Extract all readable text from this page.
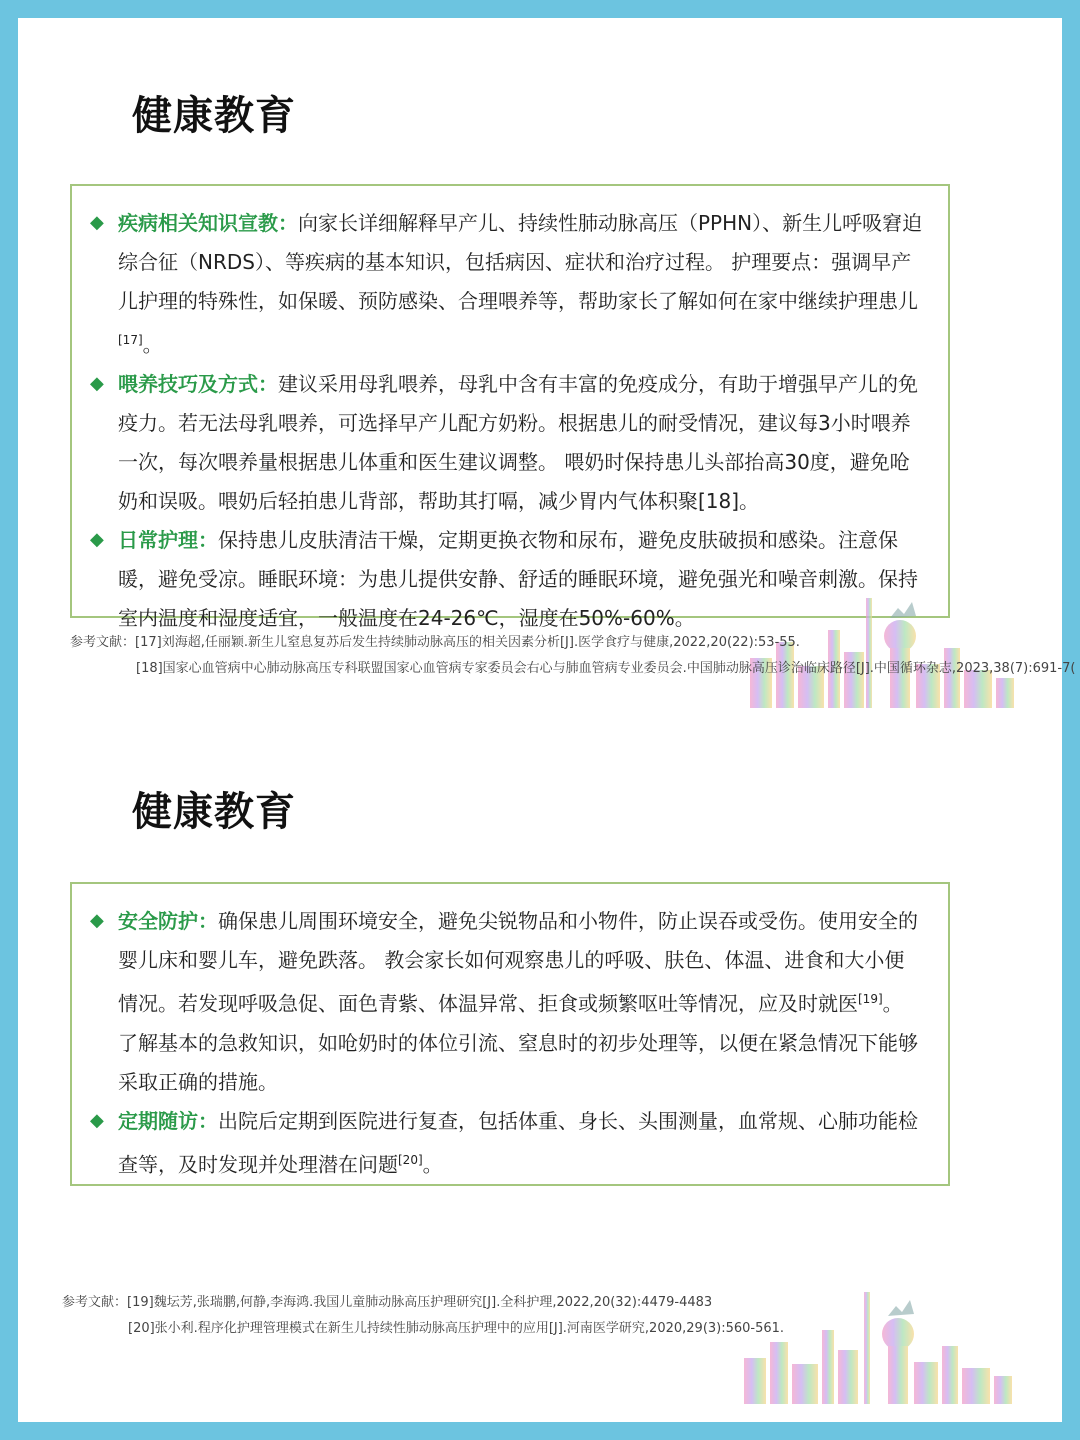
健康教育
◆ 疾病相关知识宣教：向家长详细解释早产儿、持续性肺动脉高压（PPHN）、新生儿呼吸窘迫综合征（NRDS）、等疾病的基本知识，包括病因、症状和治疗过程。 护理要点：强调早产儿护理的特殊性，如保暖、预防感染、合理喂养等，帮助家长了解如何在家中继续护理患儿[17]。
◆ 喂养技巧及方式：建议采用母乳喂养，母乳中含有丰富的免疫成分，有助于增强早产儿的免疫力。若无法母乳喂养，可选择早产儿配方奶粉。根据患儿的耐受情况，建议每3小时喂养一次，每次喂养量根据患儿体重和医生建议调整。 喂奶时保持患儿头部抬高30度，避免呛奶和误吸。喂奶后轻拍患儿背部，帮助其打嗝，减少胃内气体积聚[18]。
◆ 日常护理：保持患儿皮肤清洁干燥，定期更换衣物和尿布，避免皮肤破损和感染。注意保暖，避免受凉。睡眠环境：为患儿提供安静、舒适的睡眠环境，避免强光和噪音刺激。保持室内温度和湿度适宜，一般温度在24-26℃，湿度在50%-60%。
参考文献：[17]刘海超,任丽颖.新生儿窒息复苏后发生持续肺动脉高压的相关因素分析[J].医学食疗与健康,2022,20(22):53-55.
[18]国家心血管病中心肺动脉高压专科联盟国家心血管病专家委员会右心与肺血管病专业委员会.中国肺动脉高压诊治临床路径[J].中国循环杂志,2023,38(7):691-7(
健康教育
◆ 安全防护：确保患儿周围环境安全，避免尖锐物品和小物件，防止误吞或受伤。使用安全的婴儿床和婴儿车，避免跌落。 教会家长如何观察患儿的呼吸、肤色、体温、进食和大小便情况。若发现呼吸急促、面色青紫、体温异常、拒食或频繁呕吐等情况，应及时就医[19]。 了解基本的急救知识，如呛奶时的体位引流、窒息时的初步处理等，以便在紧急情况下能够采取正确的措施。
◆ 定期随访：出院后定期到医院进行复查，包括体重、身长、头围测量，血常规、心肺功能检查等，及时发现并处理潜在问题[20]。
参考文献：[19]魏坛芳,张瑞鹏,何静,李海鸿.我国儿童肺动脉高压护理研究[J].全科护理,2022,20(32):4479-4483
[20]张小利.程序化护理管理模式在新生儿持续性肺动脉高压护理中的应用[J].河南医学研究,2020,29(3):560-561.
